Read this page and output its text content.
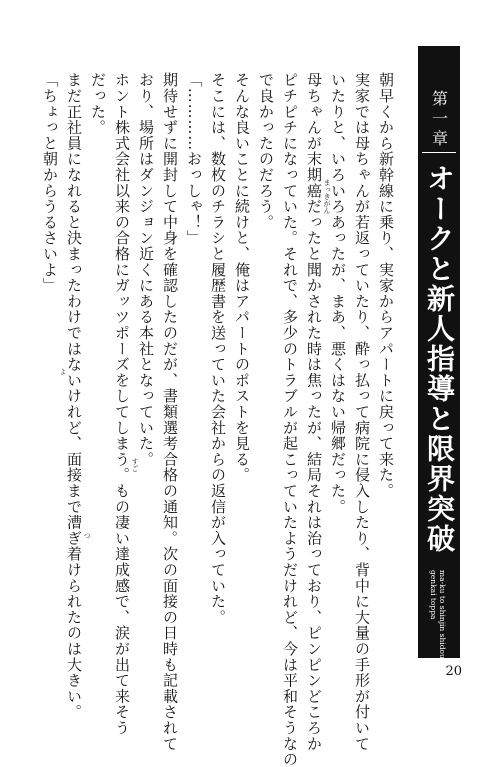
第一章
オークと新人指導と限界突破
ma-ku to shinjin shidou to
genkai toppa
朝早くから新幹線に乗り、実家からアパートに戻って来た。
実家では母ちゃんが若返っていたり、酔っ払って病院に侵入したり、背中に大量の手形が付いて
いたりと、いろいろあったが、まあ、悪くはない帰郷だった。
母ちゃんが末期癌だったと聞かされた時は焦ったが、結局それは治っており、ピンピンどころか
ピチピチになっていた。それで、多少のトラブルが起こっていたようだけれど、今は平和そうなの
で良かったのだろう。
そんな良いことに続けと、俺はアパートのポストを見る。
そこには、数枚のチラシと履歴書を送っていた会社からの返信が入っていた。
「…………おっしゃ！」
期待せずに開封して中身を確認したのだが、書類選考合格の通知。次の面接の日時も記載されて
おり、場所はダンジョン近くにある本社となっていた。
ホント株式会社以来の合格にガッツポーズをしてしまう。もの凄い達成感で、涙が出て来そう
だった。
まだ正社員になれると決まったわけではないけれど、面接まで漕ぎ着けられたのは大きい。
「ちょっと朝からうるさいよ」	まっき
がん
すご
つ
よ
20
